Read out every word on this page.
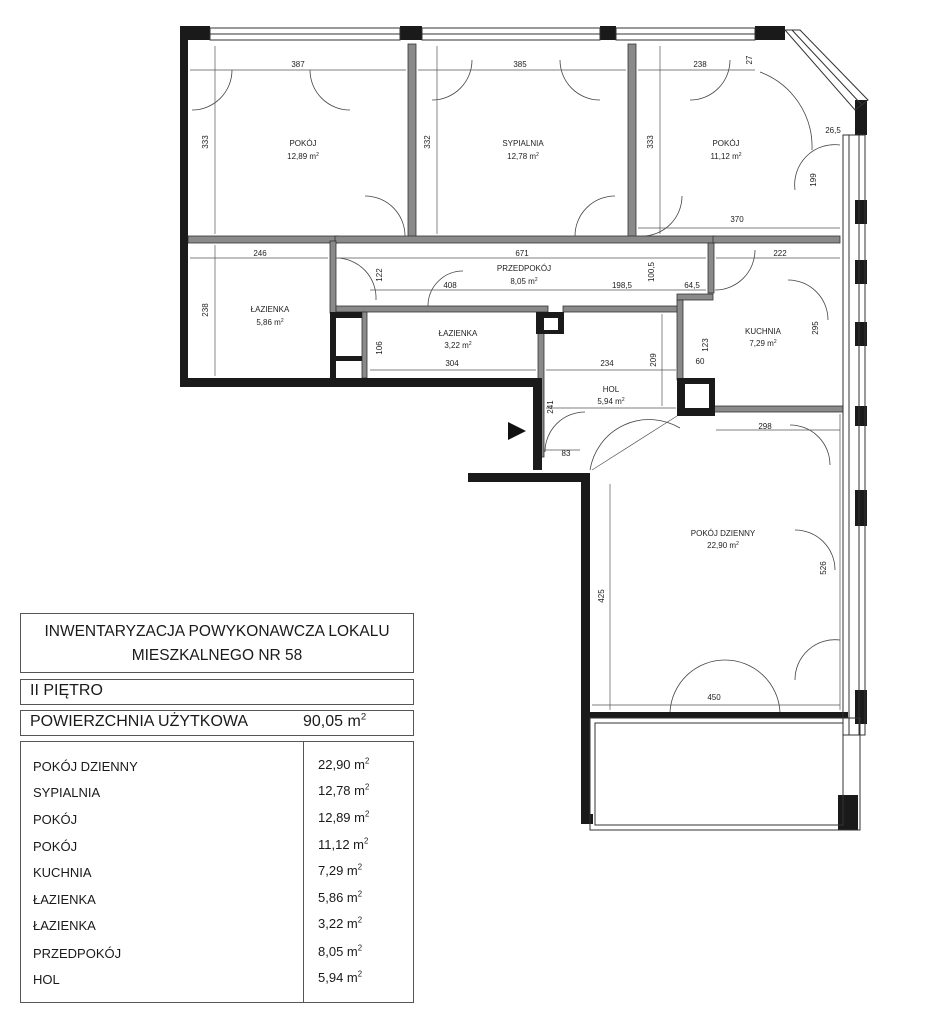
POKÓJ
12,89 $m^2$
SYPIALNIA
12,78 $m^2$
POKÓJ
11,12 $m^2$
ŁAZIENKA
5,86 $m^2$
PRZEDPOKÓJ
8,05 $m^2$
ŁAZIENKA
3,22 $m^2$
KUCHNIA
7,29 $m^2$
HOL
5,94 $m^2$
POKÓJ DZIENNY
22,90 $m^2$
387	385	238	27
26,5
333	332	333
199
370
246	671	222
238
122
408	198,5
100,5
64,5
295
106
304	234	209
123
60
241
298
83
526
425
450
INWENTARYZACJA POWYKONAWCZA LOKALU
MIESZKALNEGO NR 58
II PIĘTRO
POWIERZCHNIA UŻYTKOWA	90,05 $m^2$
POKÓJ DZIENNY	22,90 $m^2$
SYPIALNIA	12,78 $m^2$
POKÓJ	12,89 $m^2$
POKÓJ	11,12 $m^2$
KUCHNIA	7,29 $m^2$
ŁAZIENKA	5,86 $m^2$
ŁAZIENKA	3,22 $m^2$
PRZEDPOKÓJ	8,05 $m^2$
HOL	5,94 $m^2$
